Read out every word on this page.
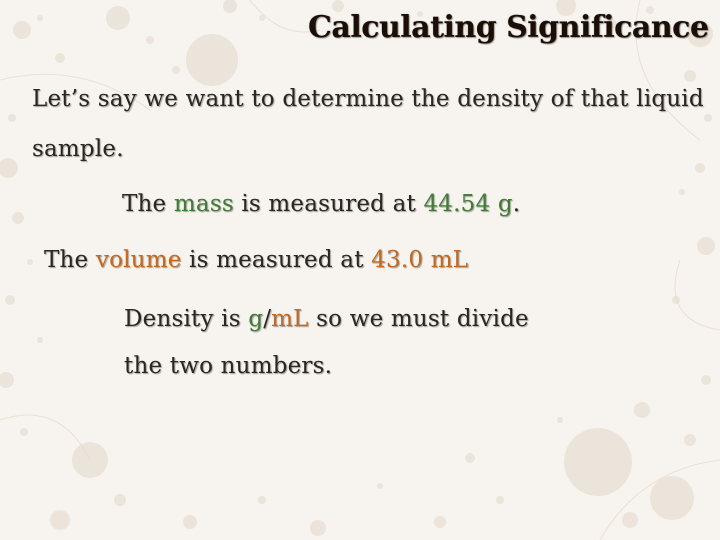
Calculating Significance
Let’s say we want to determine the density of that liquid
sample.
The mass is measured at 44.54 g.
The volume is measured at 43.0 mL
Density is g/mL so we must divide
the two numbers.
